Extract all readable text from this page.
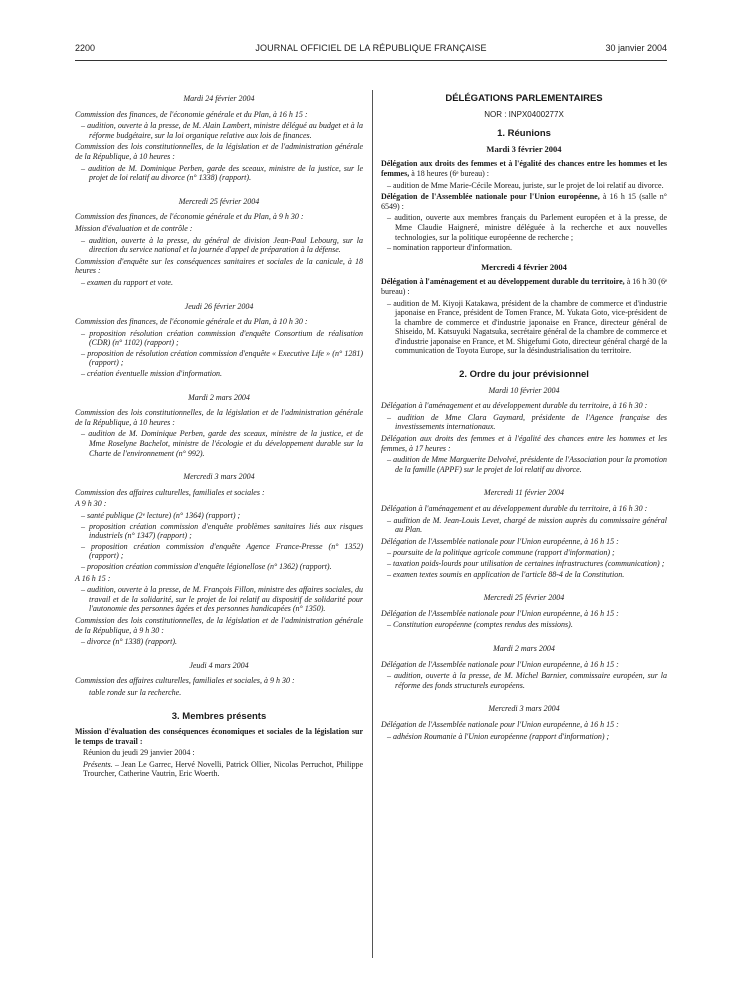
2200	JOURNAL OFFICIEL DE LA RÉPUBLIQUE FRANÇAISE	30 janvier 2004
Mardi 24 février 2004
Commission des finances, de l'économie générale et du Plan, à 16 h 15 :
– audition, ouverte à la presse, de M. Alain Lambert, ministre délégué au budget et à la réforme budgétaire, sur la loi organique relative aux lois de finances.
Commission des lois constitutionnelles, de la législation et de l'administration générale de la République, à 10 heures :
– audition de M. Dominique Perben, garde des sceaux, ministre de la justice, sur le projet de loi relatif au divorce (n° 1338) (rapport).
Mercredi 25 février 2004
Commission des finances, de l'économie générale et du Plan, à 9 h 30 :
Mission d'évaluation et de contrôle :
– audition, ouverte à la presse, du général de division Jean-Paul Lebourg, sur la direction du service national et la journée d'appel de préparation à la défense.
Commission d'enquête sur les conséquences sanitaires et sociales de la canicule, à 18 heures :
– examen du rapport et vote.
Jeudi 26 février 2004
Commission des finances, de l'économie générale et du Plan, à 10 h 30 :
– proposition résolution création commission d'enquête Consortium de réalisation (CDR) (n° 1102) (rapport) ;
– proposition de résolution création commission d'enquête « Executive Life » (n° 1281) (rapport) ;
– création éventuelle mission d'information.
Mardi 2 mars 2004
Commission des lois constitutionnelles, de la législation et de l'administration générale de la République, à 10 heures :
– audition de M. Dominique Perben, garde des sceaux, ministre de la justice, et de Mme Roselyne Bachelot, ministre de l'écologie et du développement durable sur la Charte de l'environnement (n° 992).
Mercredi 3 mars 2004
Commission des affaires culturelles, familiales et sociales :
A 9 h 30 :
– santé publique (2ᵉ lecture) (n° 1364) (rapport) ;
– proposition création commission d'enquête problèmes sanitaires liés aux risques industriels (n° 1347) (rapport) ;
– proposition création commission d'enquête Agence France-Presse (n° 1352) (rapport) ;
– proposition création commission d'enquête légionellose (n° 1362) (rapport).
A 16 h 15 :
– audition, ouverte à la presse, de M. François Fillon, ministre des affaires sociales, du travail et de la solidarité, sur le projet de loi relatif au dispositif de solidarité pour l'autonomie des personnes âgées et des personnes handicapées (n° 1350).
Commission des lois constitutionnelles, de la législation et de l'administration générale de la République, à 9 h 30 :
– divorce (n° 1338) (rapport).
Jeudi 4 mars 2004
Commission des affaires culturelles, familiales et sociales, à 9 h 30 :
table ronde sur la recherche.
3. Membres présents
Mission d'évaluation des conséquences économiques et sociales de la législation sur le temps de travail :
Réunion du jeudi 29 janvier 2004 :
Présents. – Jean Le Garrec, Hervé Novelli, Patrick Ollier, Nicolas Perruchot, Philippe Trourcher, Catherine Vautrin, Eric Woerth.
DÉLÉGATIONS PARLEMENTAIRES
NOR : INPX0400277X
1. Réunions
Mardi 3 février 2004
Délégation aux droits des femmes et à l'égalité des chances entre les hommes et les femmes, à 18 heures (6ᵉ bureau) :
– audition de Mme Marie-Cécile Moreau, juriste, sur le projet de loi relatif au divorce.
Délégation de l'Assemblée nationale pour l'Union européenne, à 16 h 15 (salle n° 6549) :
– audition, ouverte aux membres français du Parlement européen et à la presse, de Mme Claudie Haigneré, ministre déléguée à la recherche et aux nouvelles technologies, sur la politique européenne de recherche ;
– nomination rapporteur d'information.
Mercredi 4 février 2004
Délégation à l'aménagement et au développement durable du territoire, à 16 h 30 (6ᵉ bureau) :
– audition de M. Kiyoji Katakawa, président de la chambre de commerce et d'industrie japonaise en France, président de Tomen France, M. Yukata Goto, vice-président de la chambre de commerce et d'industrie japonaise en France, directeur général de Shiseido, M. Katsuyuki Nagatsuka, secrétaire général de la chambre de commerce et d'industrie japonaise en France, et M. Shigefumi Goto, directeur général chargé de la communication de Toyota Europe, sur la désindustrialisation du territoire.
2. Ordre du jour prévisionnel
Mardi 10 février 2004
Délégation à l'aménagement et au développement durable du territoire, à 16 h 30 :
– audition de Mme Clara Gaymard, présidente de l'Agence française des investissements internationaux.
Délégation aux droits des femmes et à l'égalité des chances entre les hommes et les femmes, à 17 heures :
– audition de Mme Marguerite Delvolvé, présidente de l'Association pour la promotion de la famille (APPF) sur le projet de loi relatif au divorce.
Mercredi 11 février 2004
Délégation à l'aménagement et au développement durable du territoire, à 16 h 30 :
– audition de M. Jean-Louis Levet, chargé de mission auprès du commissaire général au Plan.
Délégation de l'Assemblée nationale pour l'Union européenne, à 16 h 15 :
– poursuite de la politique agricole commune (rapport d'information) ;
– taxation poids-lourds pour utilisation de certaines infrastructures (communication) ;
– examen textes soumis en application de l'article 88-4 de la Constitution.
Mercredi 25 février 2004
Délégation de l'Assemblée nationale pour l'Union européenne, à 16 h 15 :
– Constitution européenne (comptes rendus des missions).
Mardi 2 mars 2004
Délégation de l'Assemblée nationale pour l'Union européenne, à 16 h 15 :
– audition, ouverte à la presse, de M. Michel Barnier, commissaire européen, sur la réforme des fonds structurels européens.
Mercredi 3 mars 2004
Délégation de l'Assemblée nationale pour l'Union européenne, à 16 h 15 :
– adhésion Roumanie à l'Union européenne (rapport d'information) ;
